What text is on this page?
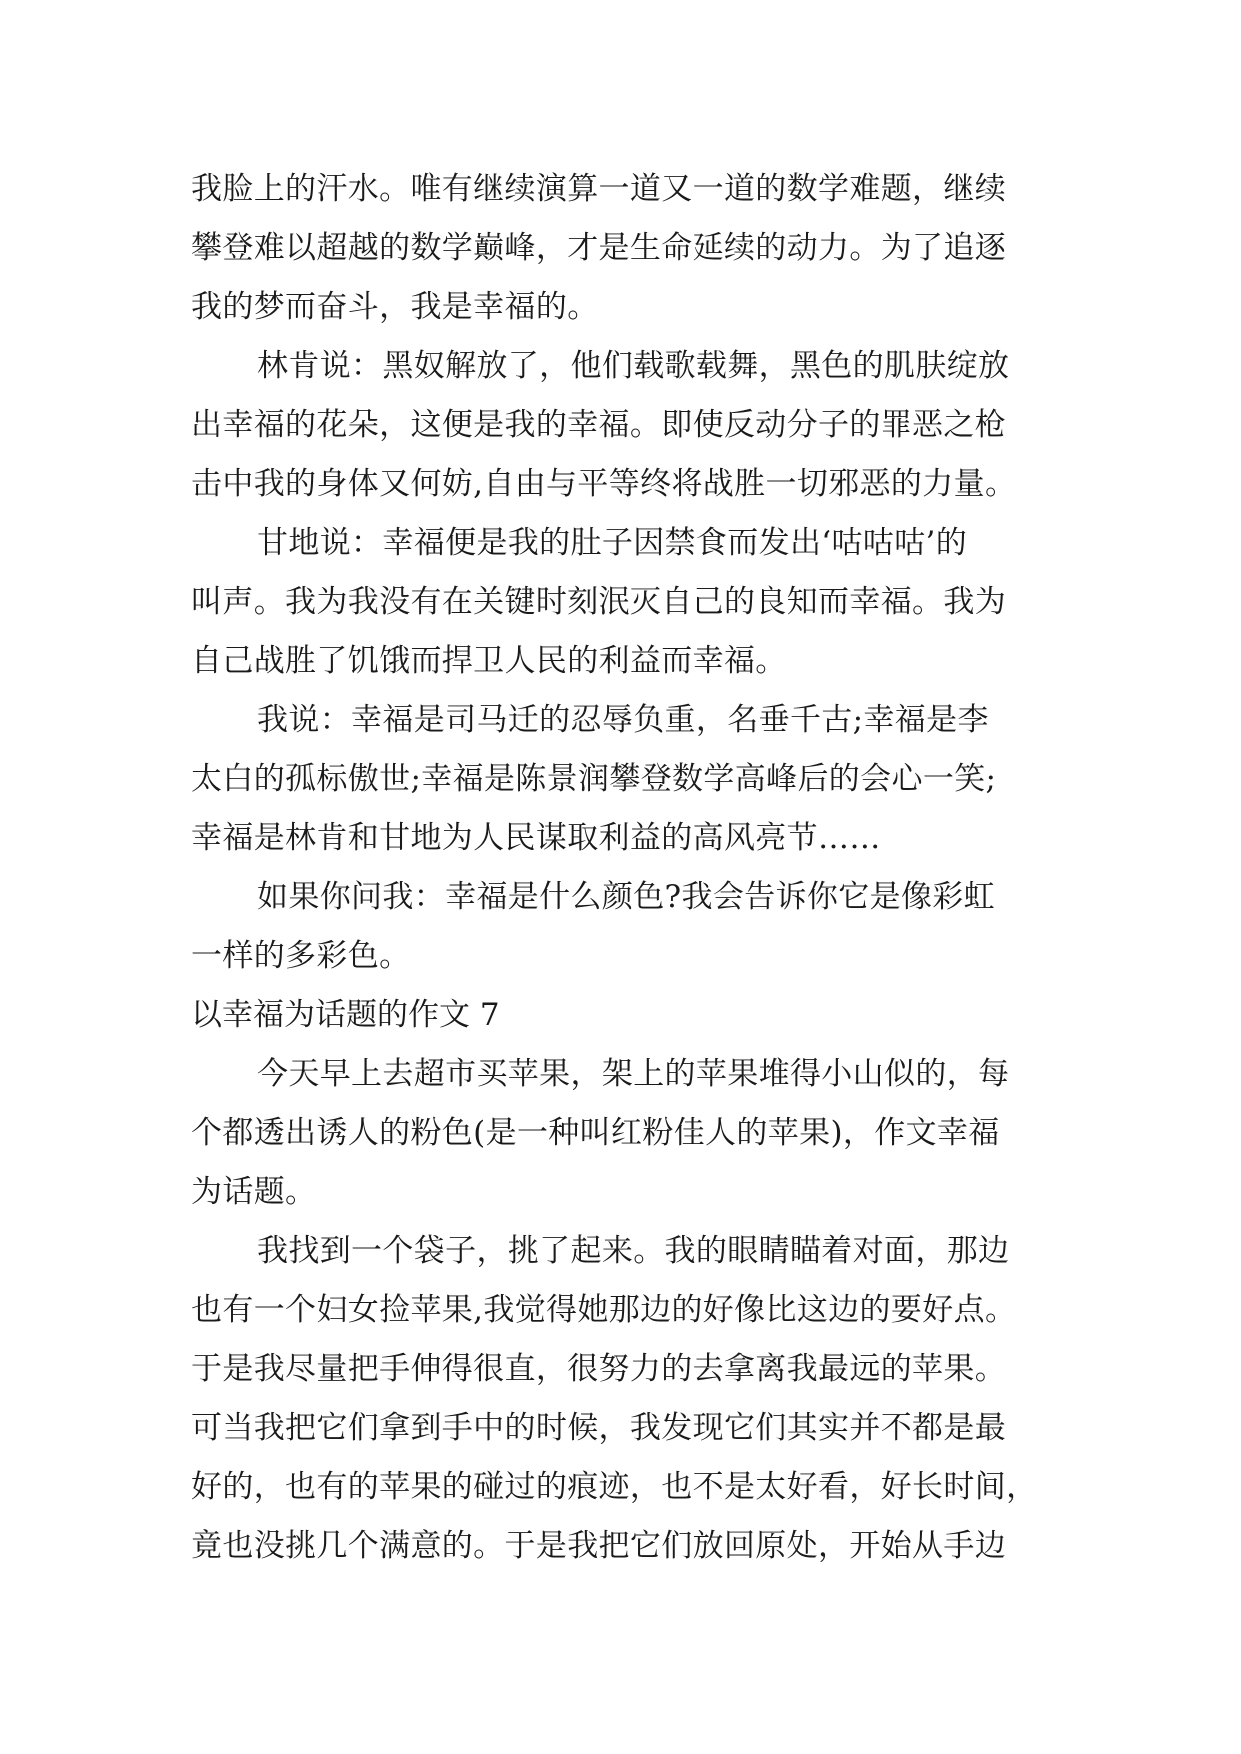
我脸上的汗水。唯有继续演算一道又一道的数学难题，继续
攀登难以超越的数学巅峰，才是生命延续的动力。为了追逐
我的梦而奋斗，我是幸福的。
林肯说：黑奴解放了，他们载歌载舞，黑色的肌肤绽放
出幸福的花朵，这便是我的幸福。即使反动分子的罪恶之枪
击中我的身体又何妨,自由与平等终将战胜一切邪恶的力量。
甘地说：幸福便是我的肚子因禁食而发出‘咕咕咕’的
叫声。我为我没有在关键时刻泯灭自己的良知而幸福。我为
自己战胜了饥饿而捍卫人民的利益而幸福。
我说：幸福是司马迁的忍辱负重，名垂千古;幸福是李
太白的孤标傲世;幸福是陈景润攀登数学高峰后的会心一笑;
幸福是林肯和甘地为人民谋取利益的高风亮节……
如果你问我：幸福是什么颜色?我会告诉你它是像彩虹
一样的多彩色。
以幸福为话题的作文 7
今天早上去超市买苹果，架上的苹果堆得小山似的，每
个都透出诱人的粉色(是一种叫红粉佳人的苹果)，作文幸福
为话题。
我找到一个袋子，挑了起来。我的眼睛瞄着对面，那边
也有一个妇女捡苹果,我觉得她那边的好像比这边的要好点。
于是我尽量把手伸得很直，很努力的去拿离我最远的苹果。
可当我把它们拿到手中的时候，我发现它们其实并不都是最
好的，也有的苹果的碰过的痕迹，也不是太好看，好长时间，
竟也没挑几个满意的。于是我把它们放回原处，开始从手边
